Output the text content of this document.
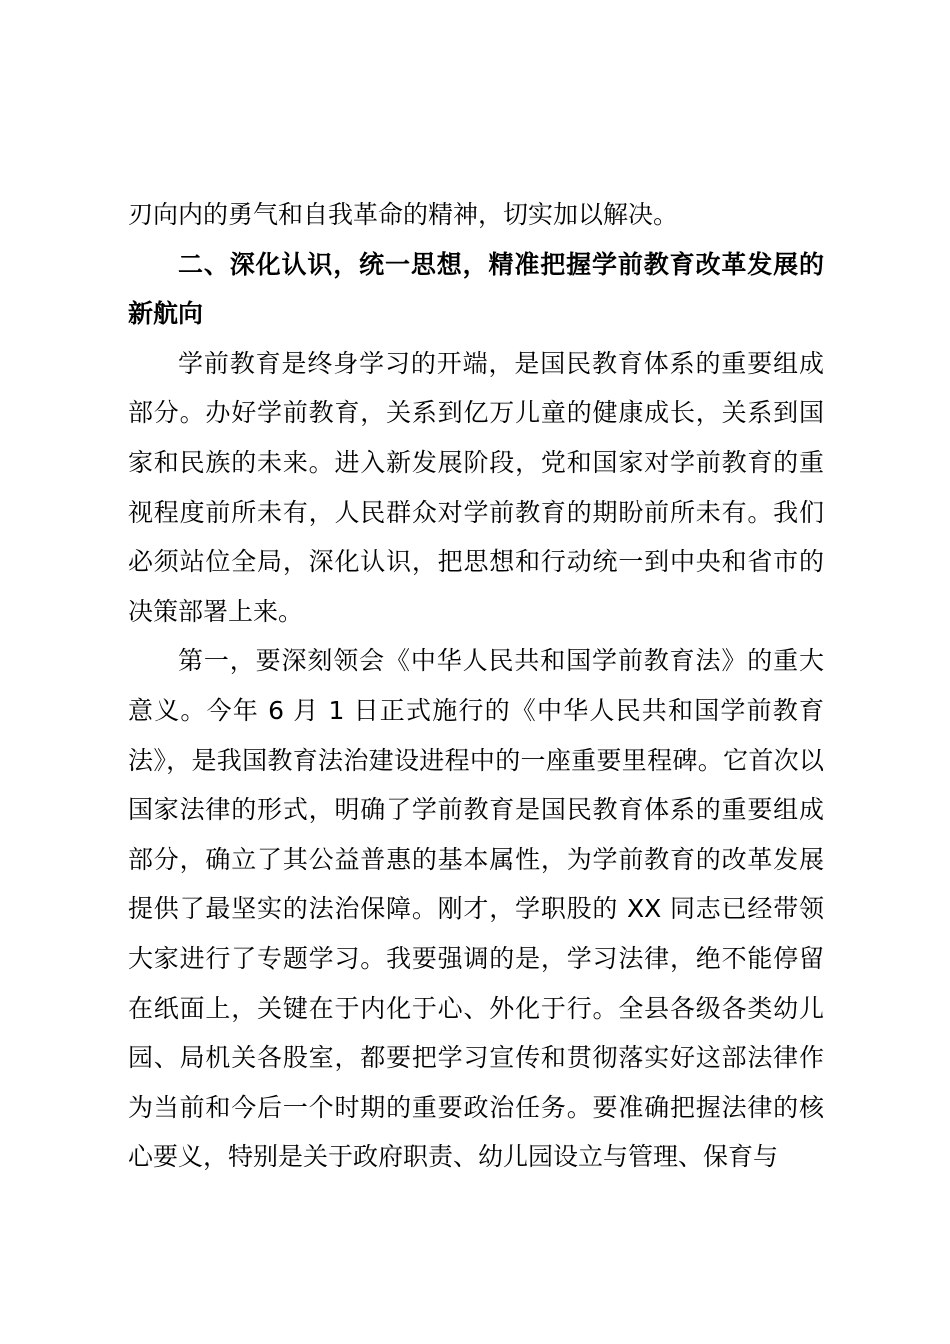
刃向内的勇气和自我革命的精神，切实加以解决。

二、深化认识，统一思想，精准把握学前教育改革发展的新航向

学前教育是终身学习的开端，是国民教育体系的重要组成部分。办好学前教育，关系到亿万儿童的健康成长，关系到国家和民族的未来。进入新发展阶段，党和国家对学前教育的重视程度前所未有，人民群众对学前教育的期盼前所未有。我们必须站位全局，深化认识，把思想和行动统一到中央和省市的决策部署上来。

第一，要深刻领会《中华人民共和国学前教育法》的重大意义。今年 6 月 1 日正式施行的《中华人民共和国学前教育法》，是我国教育法治建设进程中的一座重要里程碑。它首次以国家法律的形式，明确了学前教育是国民教育体系的重要组成部分，确立了其公益普惠的基本属性，为学前教育的改革发展提供了最坚实的法治保障。刚才，学职股的 XX 同志已经带领大家进行了专题学习。我要强调的是，学习法律，绝不能停留在纸面上，关键在于内化于心、外化于行。全县各级各类幼儿园、局机关各股室，都要把学习宣传和贯彻落实好这部法律作为当前和今后一个时期的重要政治任务。要准确把握法律的核心要义，特别是关于政府职责、幼儿园设立与管理、保育与
